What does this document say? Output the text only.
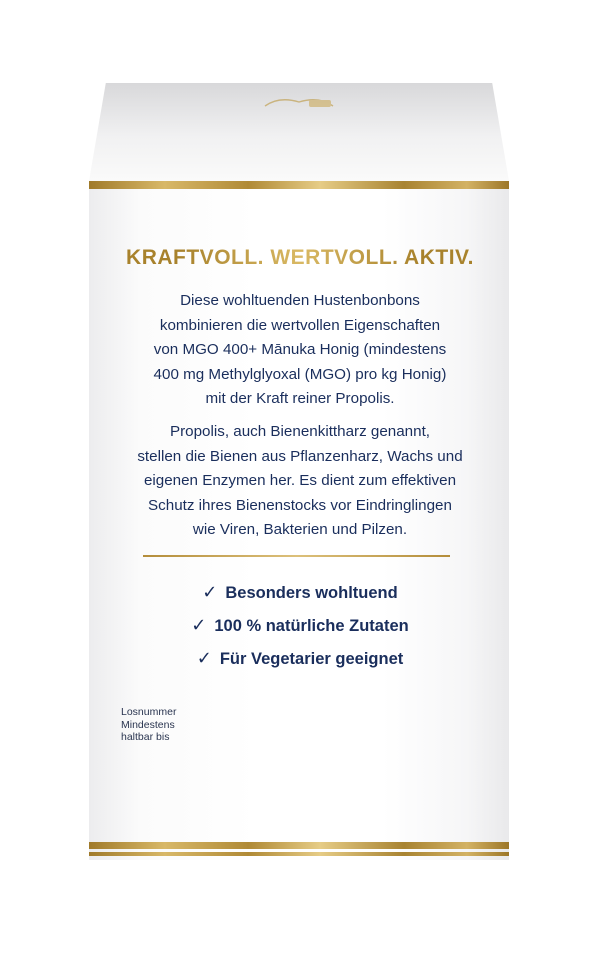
KRAFTVOLL. WERTVOLL. AKTIV.
Diese wohltuenden Hustenbonbons
kombinieren die wertvollen Eigenschaften
von MGO 400+ Mānuka Honig (mindestens
400 mg Methylglyoxal (MGO) pro kg Honig)
mit der Kraft reiner Propolis.
Propolis, auch Bienenkittharz genannt,
stellen die Bienen aus Pflanzenharz, Wachs und
eigenen Enzymen her. Es dient zum effektiven
Schutz ihres Bienenstocks vor Eindringlingen
wie Viren, Bakterien und Pilzen.
✓ Besonders wohltuend
✓ 100 % natürliche Zutaten
✓ Für Vegetarier geeignet
Losnummer
Mindestens
haltbar bis
